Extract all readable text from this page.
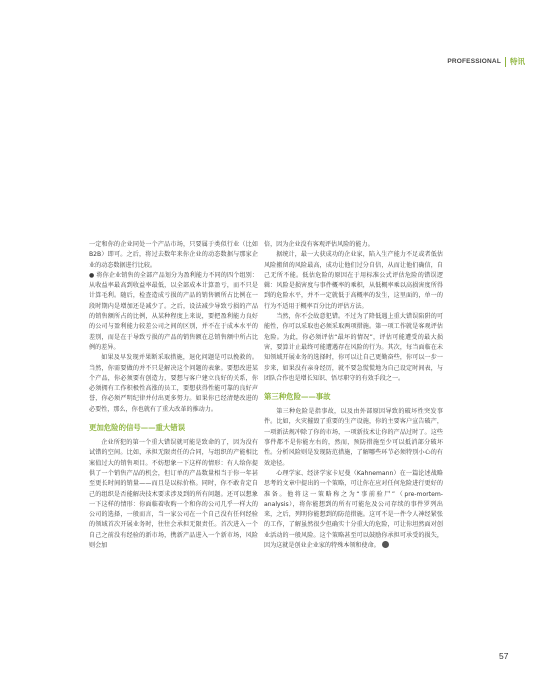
PROFESSIONAL 特讯

一定和你的企业同处一个产品市场，只要属于类似行业（比如B2B）即可。之后，将过去数年来你企业的动态数据与那家企业的动态数据进行比较。

● 将你企业销售的全部产品划分为盈利能力不同的四个组别：从收益率最高到收益率最低，以全部成本计算盈亏，而不只是计算毛利。随后，检查造成亏损的产品的销售额所占比例在一段时期内是增加还是减少了。之后，设法减少导致亏损的产品的销售额所占的比例，从某种程度上来说，要把盈利能力良好的公司与盈利能力较差公司之间的区别，并不在于成本水平的差别，而是在于导致亏损的产品的销售额在总销售额中所占比例的差异。

如果及早发现并果断采取措施，退化问题是可以挽救的。当然，你需要做的并不只是解决这个问题的表象。要想改进某个产品，你必须要有创造力，要想与客户建立良好的关系，你必须拥有工作积极性高涨的员工，要想获得性能可靠的良好声誉，你必须严明纪律并付出更多努力。如果你已经清楚改进的必要性，那么，你也就有了重大改革的推动力。

更加危险的信号——重大错误

企业所犯的第一个重大错误就可能是致命的了，因为没有试错的空间。比如，承担无限责任的合同，与组织的产能相比案值过大的销售项目。不妨想象一下这样的情形：有人给你提供了一个销售产品的机会，但订单的产品数量相当于你一年甚至更长时间的销量——而且是以标价格。同时，你不敢肯定自己的组织是否能解决技术要求涉及到的所有问题。还可以想象一下这样的情形：你面临着收购一个和你的公司几乎一样大的公司的选择，一般而言，当一家公司在一个自己没有任何经验的领域首次开展业务时，往往会承担无限责任。首次进入一个自己之前没有经验的新市场，携新产品进入一个新市场，风险则会加

倍，因为企业没有客观评估风险的能力。

据统计，最一大获成功的企业家，陷入生产能力不足或者低估风险搬留的风险最高，成功让他们过分自信，从而让他们确信，自己无所不能。低估危险的原因在于用标准公式评估危险的错误逻辑：风险是损害度与事件概率的乘积，从低概率乘以高损害度所得到的危险水平，并不一定就低于高概率的发生，这里面的，单一的行为不适用于概率百分比的评估方法。

当然，你不会故意犯错。不过为了降低遇上重大错误陷阱的可能性，你可以采取也必须采取两项措施。第一项工作就是客观评估危险。为此，你必须评估“最坏的情况”，评估可能遭受的最大损害，要算计止最终可能遭遇存在风险的行为。其次，每当面临在未知领域开展业务的选择时，你可以让自己更勤奋些，你可以一步一步来，如果没有亲身经历，就不要急慌慌地为自己设定时间表，与团队合作也是增长知识、悟尽职守的有效手段之一。

第三种危险——事故

第三种危险是指事故，以及由外部原因导致的破坏性突发事件。比如，火灾摧毁了重要的生产设施，你的主要客户宣告破产，一项新法规冲除了你的市场，一项新技术让你的产品过时了。这些事件都不是你能左右的，然而，预防措施至少可以抵消部分破坏性。分析风险则是发现防范措施，了解哪些环节必须特别小心的有效途径。

心理学家、经济学家卡尼曼（Kahnemann）在一篇论述战略思考的文章中提出的一个策略，可让你在应对任何危险进行更好的准备。他将这一策略称之为“事前验尸”（pre-mortem-analysis），将你能想到的所有可能危及公司存续的事件罗列出来，之后，列明你能想到的防范措施。这可不是一件令人神经紧张的工作，了解虽然很少但确实十分重大的危险，可让你坦然面对创业活动的一般风险。这个策略甚至可以鼓励你承担可承受的损失，因为这就是创业企业家的特殊本领和使命。

57
